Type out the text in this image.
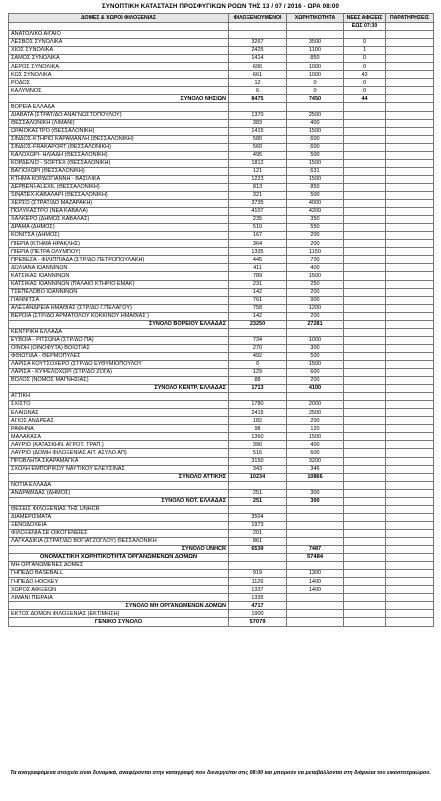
ΣΥΝΟΠΤΙΚΗ ΚΑΤΑΣΤΑΣΗ ΠΡΟΣΦΥΓΙΚΩΝ ΡΟΩΝ ΤΗΣ 13 / 07 / 2016 - ΩΡΑ 08:00
ΔΟΜΕΣ & ΧΩΡΟΙ ΦΙΛΟΞΕΝΙΑΣ	ΦΙΛΟΞΕΝΟΥΜΕΝΟΙ	ΧΩΡΗΤΙΚΟΤΗΤΑ	ΝΕΕΣ ΑΦΙΞΕΙΣ	ΠΑΡΑΤΗΡΗΣΕΙΣ
			ΕΩΣ 07:30	
ΑΝΑΤΟΛΙΚΟ ΑΙΓΑΙΟ				
ΛΕΣΒΟΣ ΣΥΝΟΛΙΚΑ	3267	3500	0	
ΧΙΟΣ ΣΥΝΟΛΙΚΑ	2425	1100	1	
ΣΑΜΟΣ ΣΥΝΟΛΙΚΑ	1414	850	0	
ΛΕΡΟΣ ΣΥΝΟΛΙΚΑ	690	1000	0	
ΚΩΣ ΣΥΝΟΛΙΚΑ	661	1000	43	
ΡΟΔΟΣ	12	0	0	
ΚΑΛΥΜΝΟΣ	6	0	0	
ΣΥΝΟΛΟ ΝΗΣΙΩΝ	8475	7450	44	
ΒΟΡΕΙΑ ΕΛΛΑΔΑ				
ΔΙΑΒΑΤΑ (ΣΤΡΑΤ/ΔΟ ΑΝΑΓΝΩΣΤΟΠΟΥΛΟΥ)	1370	2500		
ΘΕΣΣΑΛΟΝΙΚΗ (ΛΙΜΑΝΙ)	383	400		
ΩΡΑΙΟΚΑΣΤΡΟ (ΘΕΣΣΑΛΟΝΙΚΗ)	1415	1500		
ΣΙΝΔΟΣ-ΚΤΗΡΙΟ ΚΑΡΑΜΑΝΛΗ (ΘΕΣΣΑΛΟΝΙΚΗ)	580	600		
ΣΙΝΔΟΣ-FRAKAPORT (ΘΕΣΣΑΛΟΝΙΚΗ)	560	600		
ΚΑΛΟΧΩΡΙ- ΗΛΙΑΔΗ (ΘΕΣΣΑΛΟΝΙΚΗ)	495	500		
ΚΟΡΔΕΛΙΟ - SOFTEX (ΘΕΣΣΑΛΟΝΙΚΗ)	1812	1500		
ΒΑΓΙΟΧΩΡΙ (ΘΕΣΣΑΛΟΝΙΚΗ)	121	631		
ΚΤΗΜΑ ΚΟΡΔΟΓΙΑΝΝΗ - ΒΑΣΙΛΙΚΑ	1223	1500		
ΔΕΡΒΕΝΙ-ALEXIL (ΘΕΣΣΑΛΟΝΙΚΗ)	813	850		
SINATEX-ΚΑΒΑΛΑΡΙ (ΘΕΣΣΑΛΟΝΙΚΗ)	321	500		
ΧΕΡΣΟ (ΣΤΡΑΤ/ΔΟ ΜΑΖΑΡΑΚΗ)	3735	4000		
ΠΟΛΥΚΑΣΤΡΟ (ΝΕΑ ΚΑΒΑΛΑ)	4107	4200		
ΧΑΛΚΕΡΟ (ΔΗΜΟΣ ΚΑΒΑΛΑΣ)	235	350		
ΔΡΑΜΑ (ΔΗΜΟΣ)	510	550		
ΚΟΝΙΤΣΑ (ΔΗΜΟΣ)	167	200		
ΠΙΕΡΙΑ (ΚΤΗΜΑ ΗΡΑΚΛΗΣ)	364	200		
ΠΙΕΡΙΑ (ΠΕΤΡΑ ΟΛΥΜΠΟΥ)	1335	1150		
ΠΡΕΒΕΖΑ - ΦΙΛΙΠΠΙΑΔΑ (ΣΤΡ/ΔΟ ΠΕΤΡΟΠΟΥΛΑΚΗ)	445	700		
ΔΟΛΙΑΝΑ ΙΩΑΝΝΙΝΩΝ	411	400		
ΚΑΤΣΙΚΑΣ ΙΩΑΝΝΙΝΩΝ	789	1500		
ΚΑΤΣΙΚΑΣ ΙΩΑΝΝΙΝΩΝ (ΠΑΛΑΙΟ ΚΤΗΡΙΟ ΕΜΑΚ)	231	250		
ΤΣΕΠΕΛΟΒΟ ΙΩΑΝΝΙΝΩΝ	142	200		
ΓΙΑΝΝΙΤΣΑ	761	900		
ΑΛΕΞΑΝΔΡΕΙΑ ΗΜΑΘΙΑΣ (ΣΤΡ/ΔΟ Γ.ΠΕΛΑΓΟΥ)	758	1200		
ΒΕΡΟΙΑ (ΣΤΡ/ΔΟ ΑΡΜΑΤΟΛΟΥ ΚΟΚΚΙΝΟΥ ΗΜΑΘΙΑΣ )	142	200		
ΣΥΝΟΛΟ ΒΟΡΕΙΟΥ ΕΛΛΑΔΑΣ	23250	27281		
ΚΕΝΤΡΙΚΗ ΕΛΛΑΔΑ				
ΕΥΒΟΙΑ - ΡΙΤΣΩΝΑ (ΣΤΡ/ΔΟ ΠΑ)	734	1000		
ΟΙΝΟΗ (ΟΙΝΟΦΥΤΑ) ΒΟΙΩΤΙΑΣ	270	300		
ΦΘΙΩΤΙΔΑ - ΘΕΡΜΟΠΥΛΕΣ	492	500		
ΛΑΡΙΣΑ ΚΟΥΤΣΟΧΕΡΟ (ΣΤΡ/ΔΟ ΕΥΘΥΜΙΟΠΟΥΛΟΥ	0	1500		
ΛΑΡΙΣΑ - ΚΥΨΕΛΟΧΩΡΙ (ΣΤΡ/ΔΟ ΖΟΓΑ)	129	600		
ΒΟΛΟΣ (ΝΟΜΟΣ ΜΑΓΝΗΣΙΑΣ)	88	200		
ΣΥΝΟΛΟ ΚΕΝΤΡ. ΕΛΛΑΔΑΣ	1713	4100		
ΑΤΤΙΚΗ				
ΣΧΙΣΤΟ	1780	2000		
ΕΛΑΙΩΝΑΣ	2415	2500		
ΑΓΙΟΣ ΑΝΔΡΕΑΣ	182	200		
ΡΑΦΗΝΑ	98	120		
ΜΑΛΑΚΑΣΑ	1360	1500		
ΛΑΥΡΙΟ (ΚΑΤΑΣΚΗΝ. ΑΓΡΟΤ. ΤΡΑΠ.)	390	400		
ΛΑΥΡΙΟ (ΔΟΜΗ ΦΙΛΟΞΕΝΙΑΣ ΑΙΤ. ΑΣΥΛΟ ΑΠ)	516	600		
ΠΡΟΒΛΗΤΑ ΣΚΑΡΑΜΑΓΚΑ	3150	3200		
ΣΧΟΛΗ ΕΜΠΟΡΙΚΟΥ ΝΑΥΤΙΚΟΥ ΕΛΕΥΣΙΝΑΣ	343	346		
ΣΥΝΟΛΟ ΑΤΤΙΚΗΣ	10234	10866		
ΝΟΤΙΑ ΕΛΛΑΔΑ				
ΑΝΔΡΑΒΙΔΑΣ (ΔΗΜΟΣ)	251	300		
ΣΥΝΟΛΟ ΝΟΤ. ΕΛΛΑΔΑΣ	251	300		
ΘΕΣΕΙΣ ΦΙΛΟΞΕΝΙΑΣ ΤΗΣ UNHCR				
ΔΙΑΜΕΡΙΣΜΑΤΑ	3504			
ΞΕΝΟΔΟΧΕΙΑ	1973			
ΦΙΛΟΞΕΝΙΑ ΣΕ ΟΙΚΟΓΕΝΕΙΕΣ	201			
ΛΑΓΚΑΔΙΚΙΑ (ΣΤΡΑΤ/ΔΟ ΒΟΓΙΑΤΖΟΓΛΟΥ) ΘΕΣΣΑΛΟΝΙΚΗ	861			
ΣΥΝΟΛΟ UNHCR	6539	7487		
ΟΝΟΜΑΣΤΙΚΗ ΧΩΡΗΤΙΚΟΤΗΤΑ ΟΡΓΑΝΩΜΕΝΩΝ ΔΟΜΩΝ		57484		
ΜΗ ΟΡΓΑΝΩΜΕΝΕΣ ΔΟΜΕΣ				
ΓΗΠΕΔΟ BASEBALL	919	1300		
ΓΗΠΕΔΟ HOCKEY	1126	1400		
ΧΩΡΟΣ ΑΦΙΞΕΩΝ	1337	1400		
ΛΙΜΑΝΙ ΠΕΙΡΑΙΑ	1335			
ΣΥΝΟΛΟ ΜΗ ΟΡΓΑΝΩΜΕΝΩΝ ΔΟΜΩΝ	4717			
ΕΚΤΟΣ ΔΟΜΩΝ ΦΙΛΟΞΕΝΙΑΣ (ΕΚΤΙΜΗΣΗ)	1900			
ΓΕΝΙΚΟ ΣΥΝΟΛΟ	57079			
Τα αναγραφόμενα στοιχεία είναι δυναμικά, αναφέρονται στην καταγραφή που διενεργείται στις 08:00 και μπορούν να μεταβάλλονται στη διάρκεια του εικοσιτετραώρου.
